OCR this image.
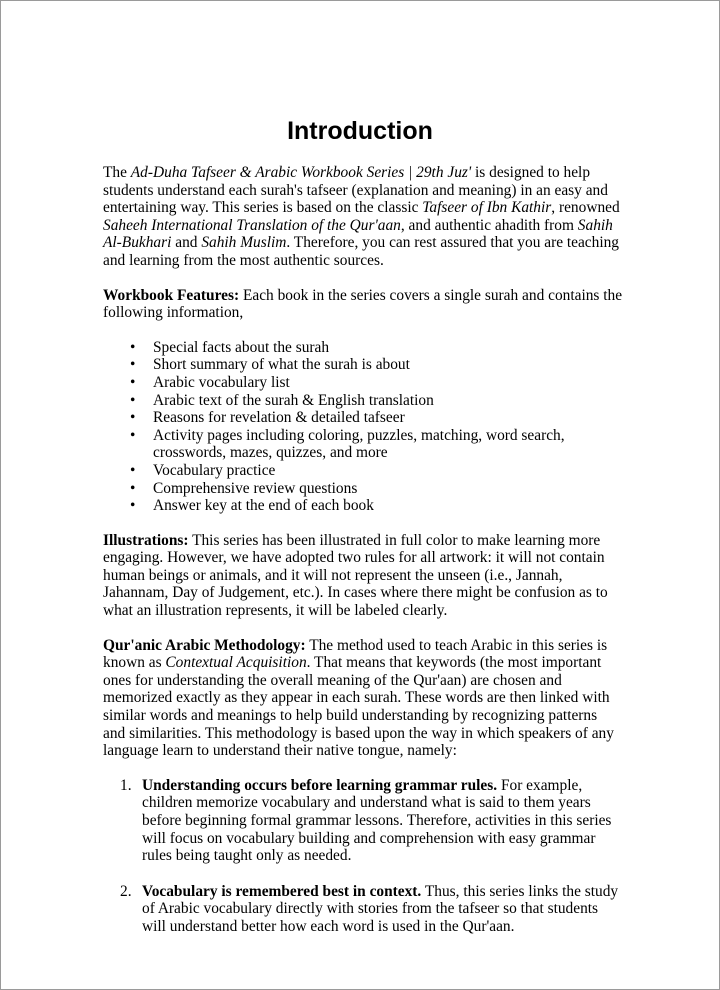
Introduction

The Ad-Duha Tafseer & Arabic Workbook Series | 29th Juz' is designed to help students understand each surah's tafseer (explanation and meaning) in an easy and entertaining way. This series is based on the classic Tafseer of Ibn Kathir, renowned Saheeh International Translation of the Qur'aan, and authentic ahadith from Sahih Al-Bukhari and Sahih Muslim. Therefore, you can rest assured that you are teaching and learning from the most authentic sources.

Workbook Features: Each book in the series covers a single surah and contains the following information,

• Special facts about the surah
• Short summary of what the surah is about
• Arabic vocabulary list
• Arabic text of the surah & English translation
• Reasons for revelation & detailed tafseer
• Activity pages including coloring, puzzles, matching, word search, crosswords, mazes, quizzes, and more
• Vocabulary practice
• Comprehensive review questions
• Answer key at the end of each book

Illustrations: This series has been illustrated in full color to make learning more engaging. However, we have adopted two rules for all artwork: it will not contain human beings or animals, and it will not represent the unseen (i.e., Jannah, Jahannam, Day of Judgement, etc.). In cases where there might be confusion as to what an illustration represents, it will be labeled clearly.

Qur'anic Arabic Methodology: The method used to teach Arabic in this series is known as Contextual Acquisition. That means that keywords (the most important ones for understanding the overall meaning of the Qur'aan) are chosen and memorized exactly as they appear in each surah. These words are then linked with similar words and meanings to help build understanding by recognizing patterns and similarities. This methodology is based upon the way in which speakers of any language learn to understand their native tongue, namely:

1. Understanding occurs before learning grammar rules. For example, children memorize vocabulary and understand what is said to them years before beginning formal grammar lessons. Therefore, activities in this series will focus on vocabulary building and comprehension with easy grammar rules being taught only as needed.
2. Vocabulary is remembered best in context. Thus, this series links the study of Arabic vocabulary directly with stories from the tafseer so that students will understand better how each word is used in the Qur'aan.
